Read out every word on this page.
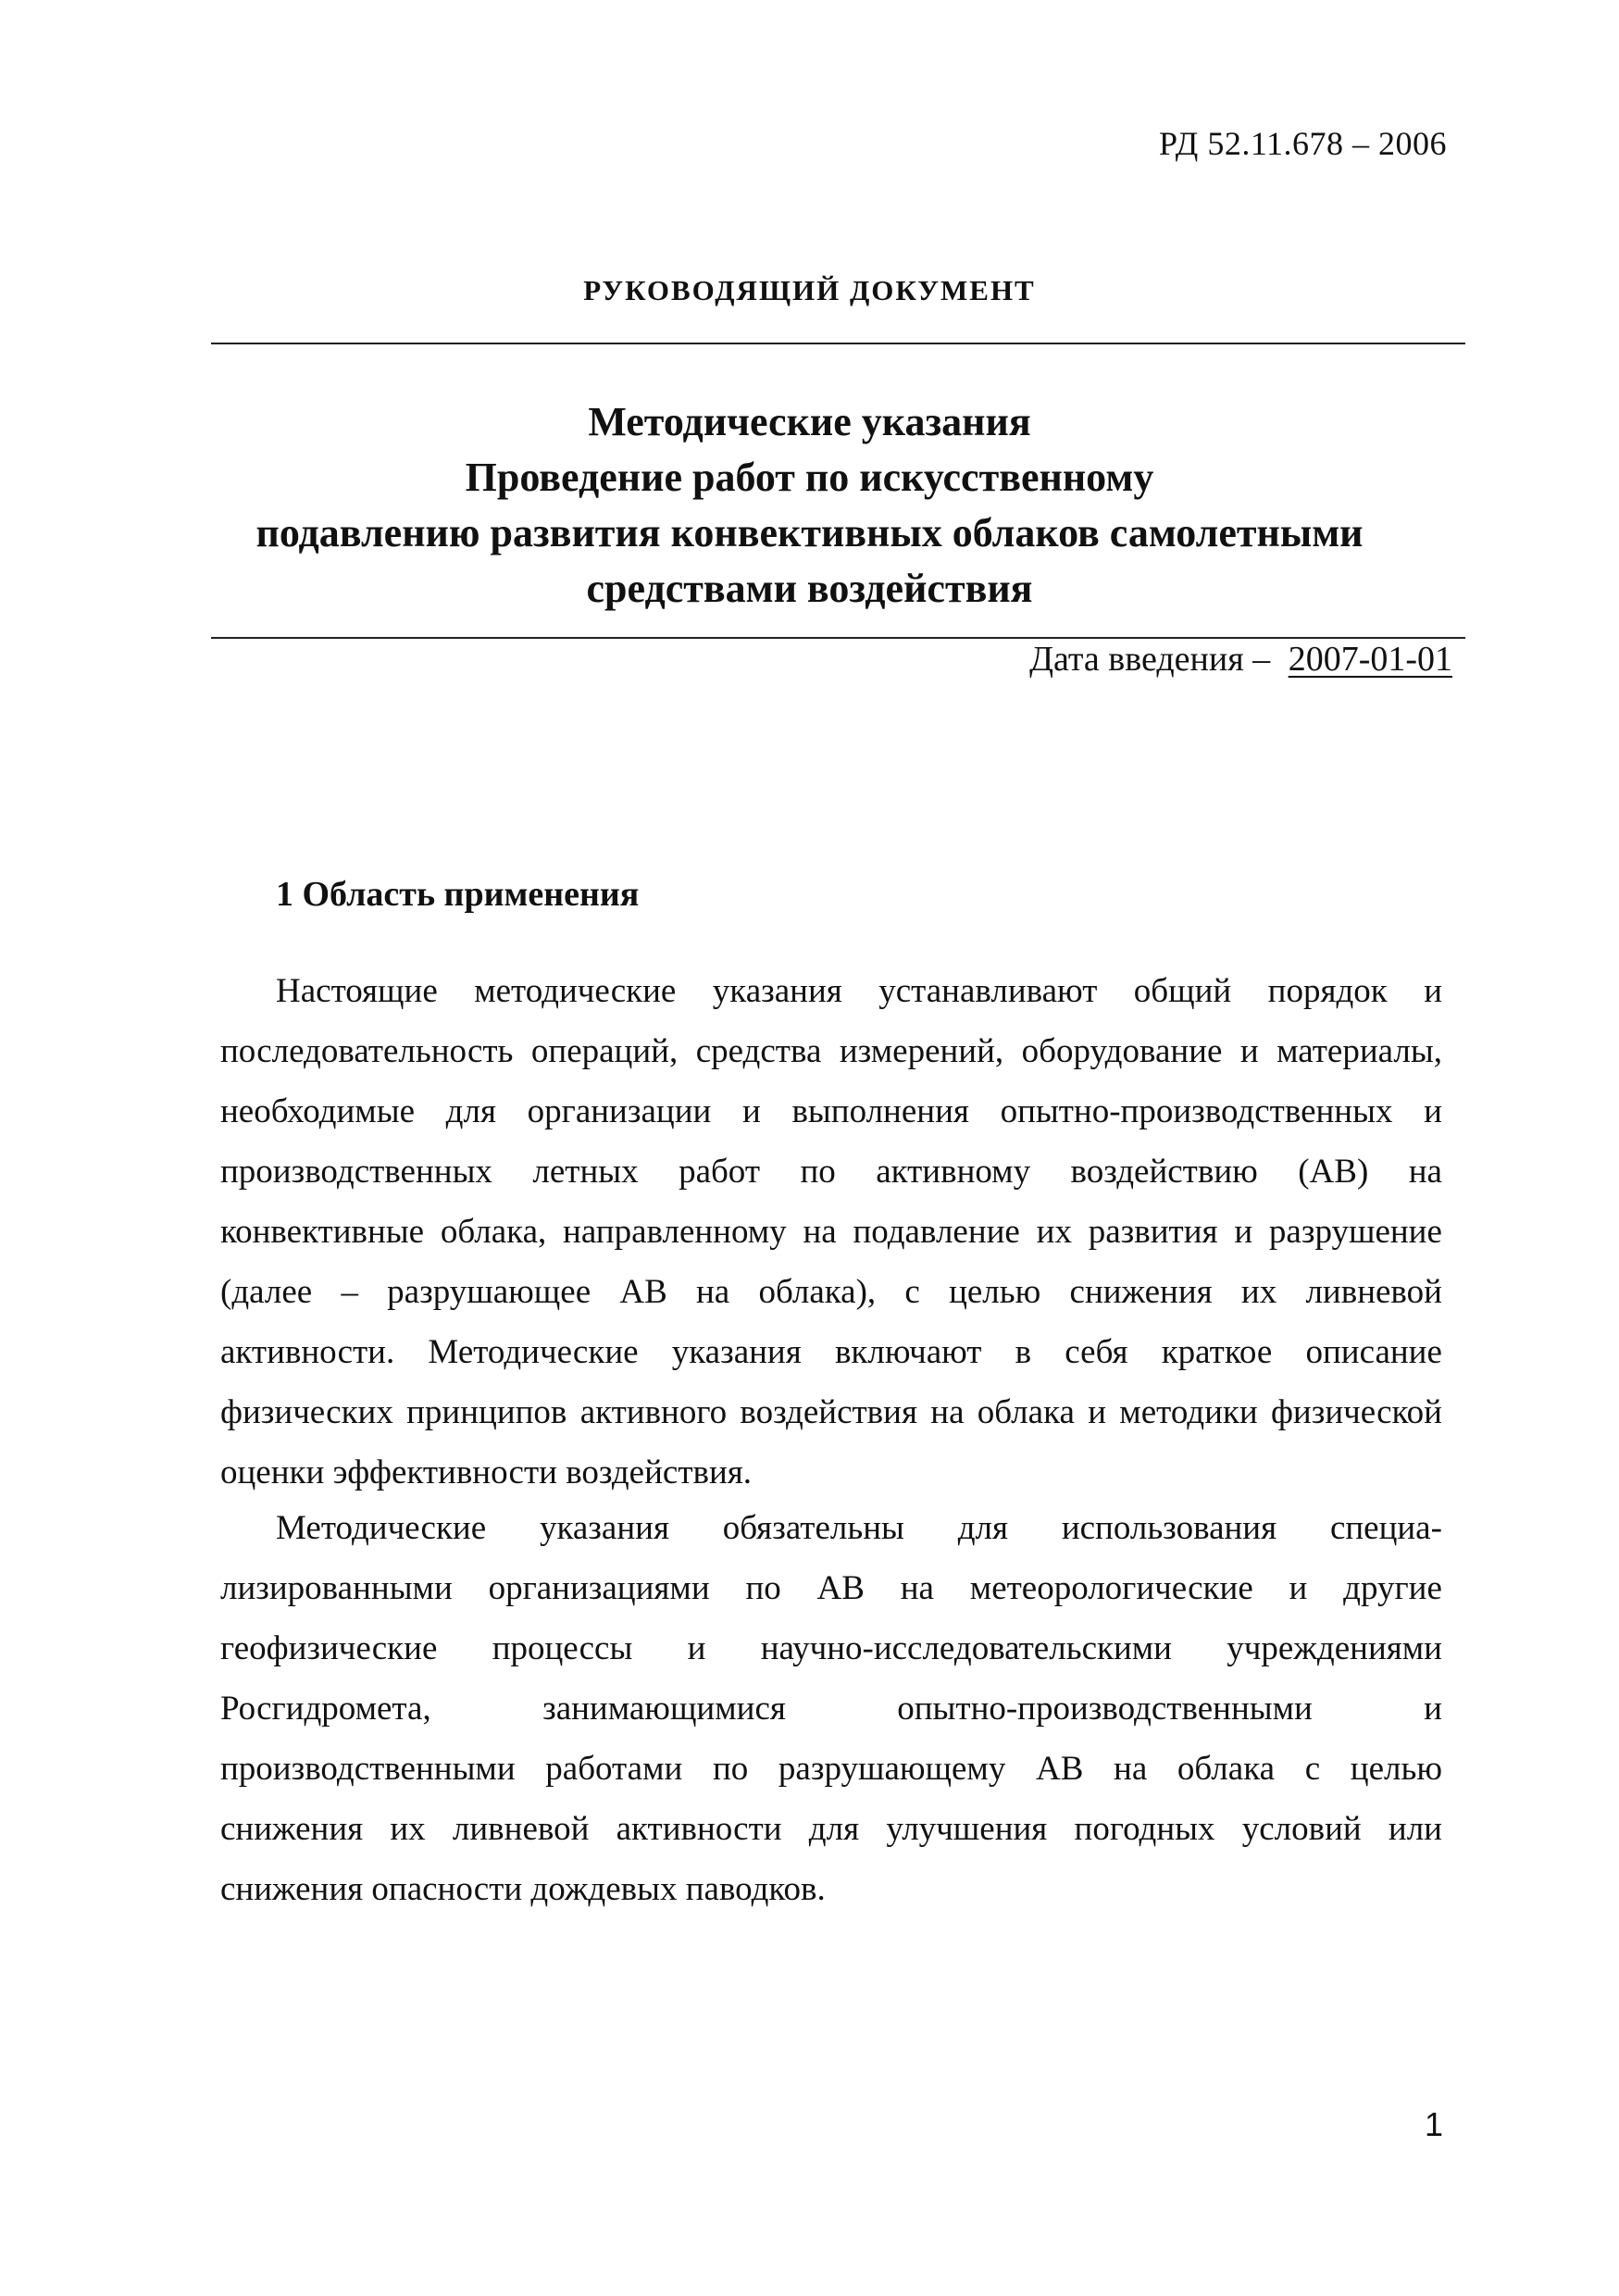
РД 52.11.678 – 2006
РУКОВОДЯЩИЙ ДОКУМЕНТ
Методические указания
Проведение работ по искусственному
подавлению развития конвективных облаков самолетными
средствами воздействия
Дата введения – 2007-01-01
1 Область применения
Настоящие методические указания устанавливают общий порядок и
последовательность операций, средства измерений, оборудование и материалы,
необходимые для организации и выполнения опытно-производственных и
производственных летных работ по активному воздействию (АВ) на
конвективные облака, направленному на подавление их развития и разрушение
(далее – разрушающее АВ на облака), с целью снижения их ливневой
активности. Методические указания включают в себя краткое описание
физических принципов активного воздействия на облака и методики физической
оценки эффективности воздействия.
Методические указания обязательны для использования специа-
лизированными организациями по АВ на метеорологические и другие
геофизические процессы и научно-исследовательскими учреждениями
Росгидромета,	занимающимися	опытно-производственными	и
производственными работами по разрушающему АВ на облака с целью
снижения их ливневой активности для улучшения погодных условий или
снижения опасности дождевых паводков.
1
